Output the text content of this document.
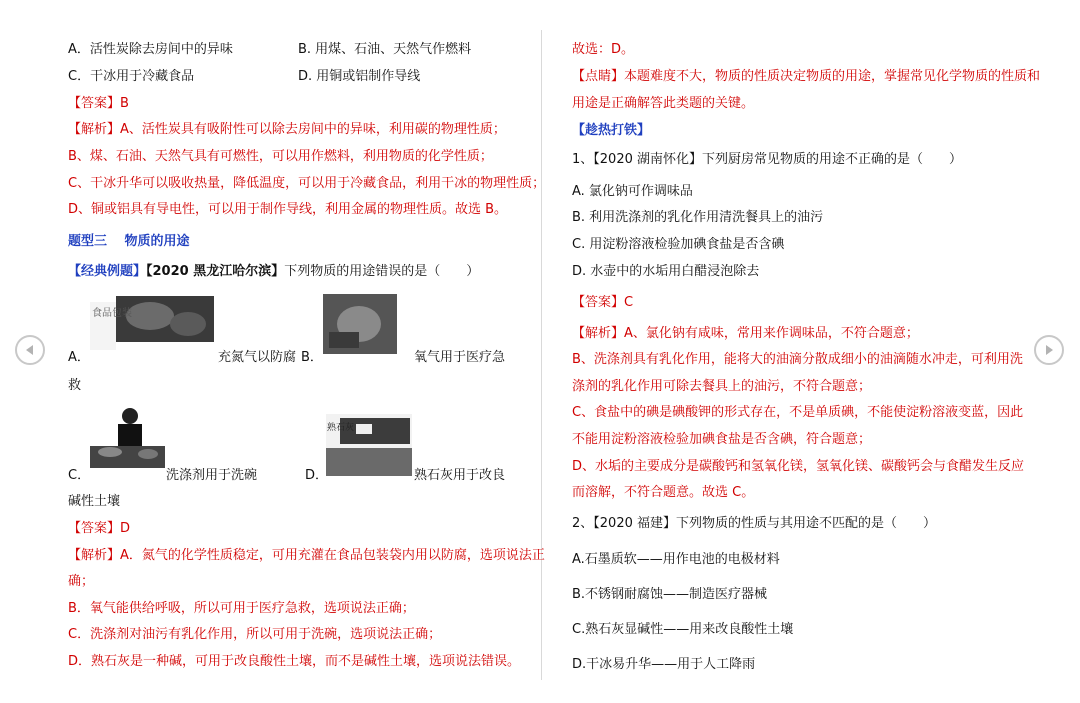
A．活性炭除去房间中的异味	B. 用煤、石油、天然气作燃料
C．干冰用于冷藏食品	D. 用铜或铝制作导线
【答案】B
【解析】A、活性炭具有吸附性可以除去房间中的异味，利用碳的物理性质；
B、煤、石油、天然气具有可燃性，可以用作燃料，利用物质的化学性质；
C、干冰升华可以吸收热量，降低温度，可以用于冷藏食品，利用干冰的物理性质；
D、铜或铝具有导电性，可以用于制作导线，利用金属的物理性质。故选 B。
题型三　 物质的用途
【经典例题】【2020 黑龙江哈尔滨】下列物质的用途错误的是（　　）
食品包装
A．	充氮气以防腐 B．	氧气用于医疗急
救
C．	洗涤剂用于洗碗
熟石灰
D．	熟石灰用于改良
碱性土壤
【答案】D
【解析】A．氮气的化学性质稳定，可用充灌在食品包装袋内用以防腐，选项说法正
确；
B．氧气能供给呼吸，所以可用于医疗急救，选项说法正确；
C．洗涤剂对油污有乳化作用，所以可用于洗碗，选项说法正确；
D．熟石灰是一种碱，可用于改良酸性土壤，而不是碱性土壤，选项说法错误。
故选：D。
【点睛】本题难度不大，物质的性质决定物质的用途，掌握常见化学物质的性质和
用途是正确解答此类题的关键。
【趁热打铁】
1、【2020 湖南怀化】下列厨房常见物质的用途不正确的是（　　）
A. 氯化钠可作调味品
B. 利用洗涤剂的乳化作用清洗餐具上的油污
C. 用淀粉溶液检验加碘食盐是否含碘
D. 水壶中的水垢用白醋浸泡除去
【答案】C
【解析】A、氯化钠有咸味，常用来作调味品，不符合题意；
B、洗涤剂具有乳化作用，能将大的油滴分散成细小的油滴随水冲走，可利用洗
涤剂的乳化作用可除去餐具上的油污，不符合题意；
C、食盐中的碘是碘酸钾的形式存在，不是单质碘，不能使淀粉溶液变蓝，因此
不能用淀粉溶液检验加碘食盐是否含碘，符合题意；
D、水垢的主要成分是碳酸钙和氢氧化镁，氢氧化镁、碳酸钙会与食醋发生反应
而溶解，不符合题意。故选 C。
2、【2020 福建】下列物质的性质与其用途不匹配的是（　　）
A.石墨质软——用作电池的电极材料
B.不锈钢耐腐蚀——制造医疗器械
C.熟石灰显碱性——用来改良酸性土壤
D.干冰易升华——用于人工降雨
